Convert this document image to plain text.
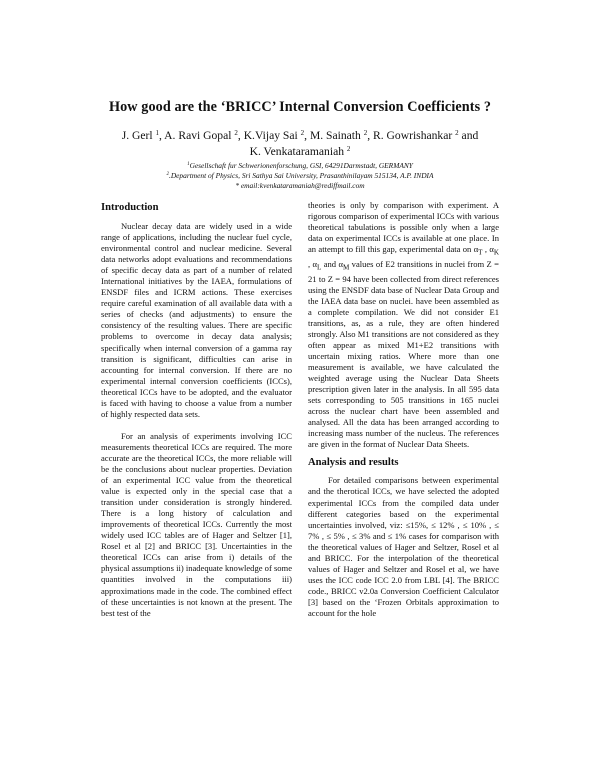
How good are the ‘BRICC’ Internal Conversion Coefficients ?
J. Gerl $^1$, A. Ravi Gopal $^2$, K.Vijay Sai $^2$, M. Sainath $^2$, R. Gowrishankar $^2$ and
K. Venkataramaniah $^2$
$^1$Gesellschaft fur Schwerionenforschung, GSI, 64291Darmstadt, GERMANY
$^2$.Department of Physics, Sri Sathya Sai University, Prasanthinilayam 515134, A.P. INDIA
* email:kvenkataramaniah@rediffmail.com
Introduction

Nuclear decay data are widely used in a wide range of applications, including the nuclear fuel cycle, environmental control and nuclear medicine. Several data networks adopt evaluations and recommendations of specific decay data as part of a number of related International initiatives by the IAEA, formulations of ENSDF files and ICRM actions. These exercises require careful examination of all available data with a series of checks (and adjustments) to ensure the consistency of the resulting values. There are specific problems to overcome in decay data analysis; specifically when internal conversion of a gamma ray transition is significant, difficulties can arise in accounting for internal conversion. If there are no experimental internal conversion coefficients (ICCs), theoretical ICCs have to be adopted, and the evaluator is faced with having to choose a value from a number of highly respected data sets.

For an analysis of experiments involving ICC measurements theoretical ICCs are required. The more accurate are the theoretical ICCs, the more reliable will be the conclusions about nuclear properties. Deviation of an experimental ICC value from the theoretical value is expected only in the special case that a transition under consideration is strongly hindered. There is a long history of calculation and improvements of theoretical ICCs. Currently the most widely used ICC tables are of Hager and Seltzer [1], Rosel et al [2] and BRICC [3]. Uncertainties in the theoretical ICCs can arise from i) details of the physical assumptions ii) inadequate knowledge of some quantities involved in the computations iii) approximations made in the code. The combined effect of these uncertainties is not known at the present. The best test of the

theories is only by comparison with experiment. A rigorous comparison of experimental ICCs with various theoretical tabulations is possible only when a large data on experimental ICCs is available at one place. In an attempt to fill this gap, experimental data on $\alpha_T$ , $\alpha_K$ , $\alpha_L$ and $\alpha_M$ values of E2 transitions in nuclei from Z = 21 to Z = 94 have been collected from direct references using the ENSDF data base of Nuclear Data Group and the IAEA data base on nuclei. have been assembled as a complete compilation. We did not consider E1 transitions, as, as a rule, they are often hindered strongly. Also M1 transitions are not considered as they often appear as mixed M1+E2 transitions with uncertain mixing ratios. Where more than one measurement is available, we have calculated the weighted average using the Nuclear Data Sheets prescription given later in the analysis. In all 595 data sets corresponding to 505 transitions in 165 nuclei across the nuclear chart have been assembled and analysed. All the data has been arranged according to increasing mass number of the nucleus. The references are given in the format of Nuclear Data Sheets.

Analysis and results

For detailed comparisons between experimental and the therotical ICCs, we have selected the adopted experimental ICCs from the compiled data under different categories based on the experimental uncertainties involved, viz: ≤15%, ≤ 12% , ≤ 10% , ≤ 7% , ≤ 5% , ≤ 3% and ≤ 1% cases for comparison with the theoretical values of Hager and Seltzer, Rosel et al and BRICC. For the interpolation of the theoretical values of Hager and Seltzer and Rosel et al, we have uses the ICC code ICC 2.0 from LBL [4]. The BRICC code., BRICC v2.0a Conversion Coefficient Calculator [3] based on the ‘Frozen Orbitals approximation to account for the hole
